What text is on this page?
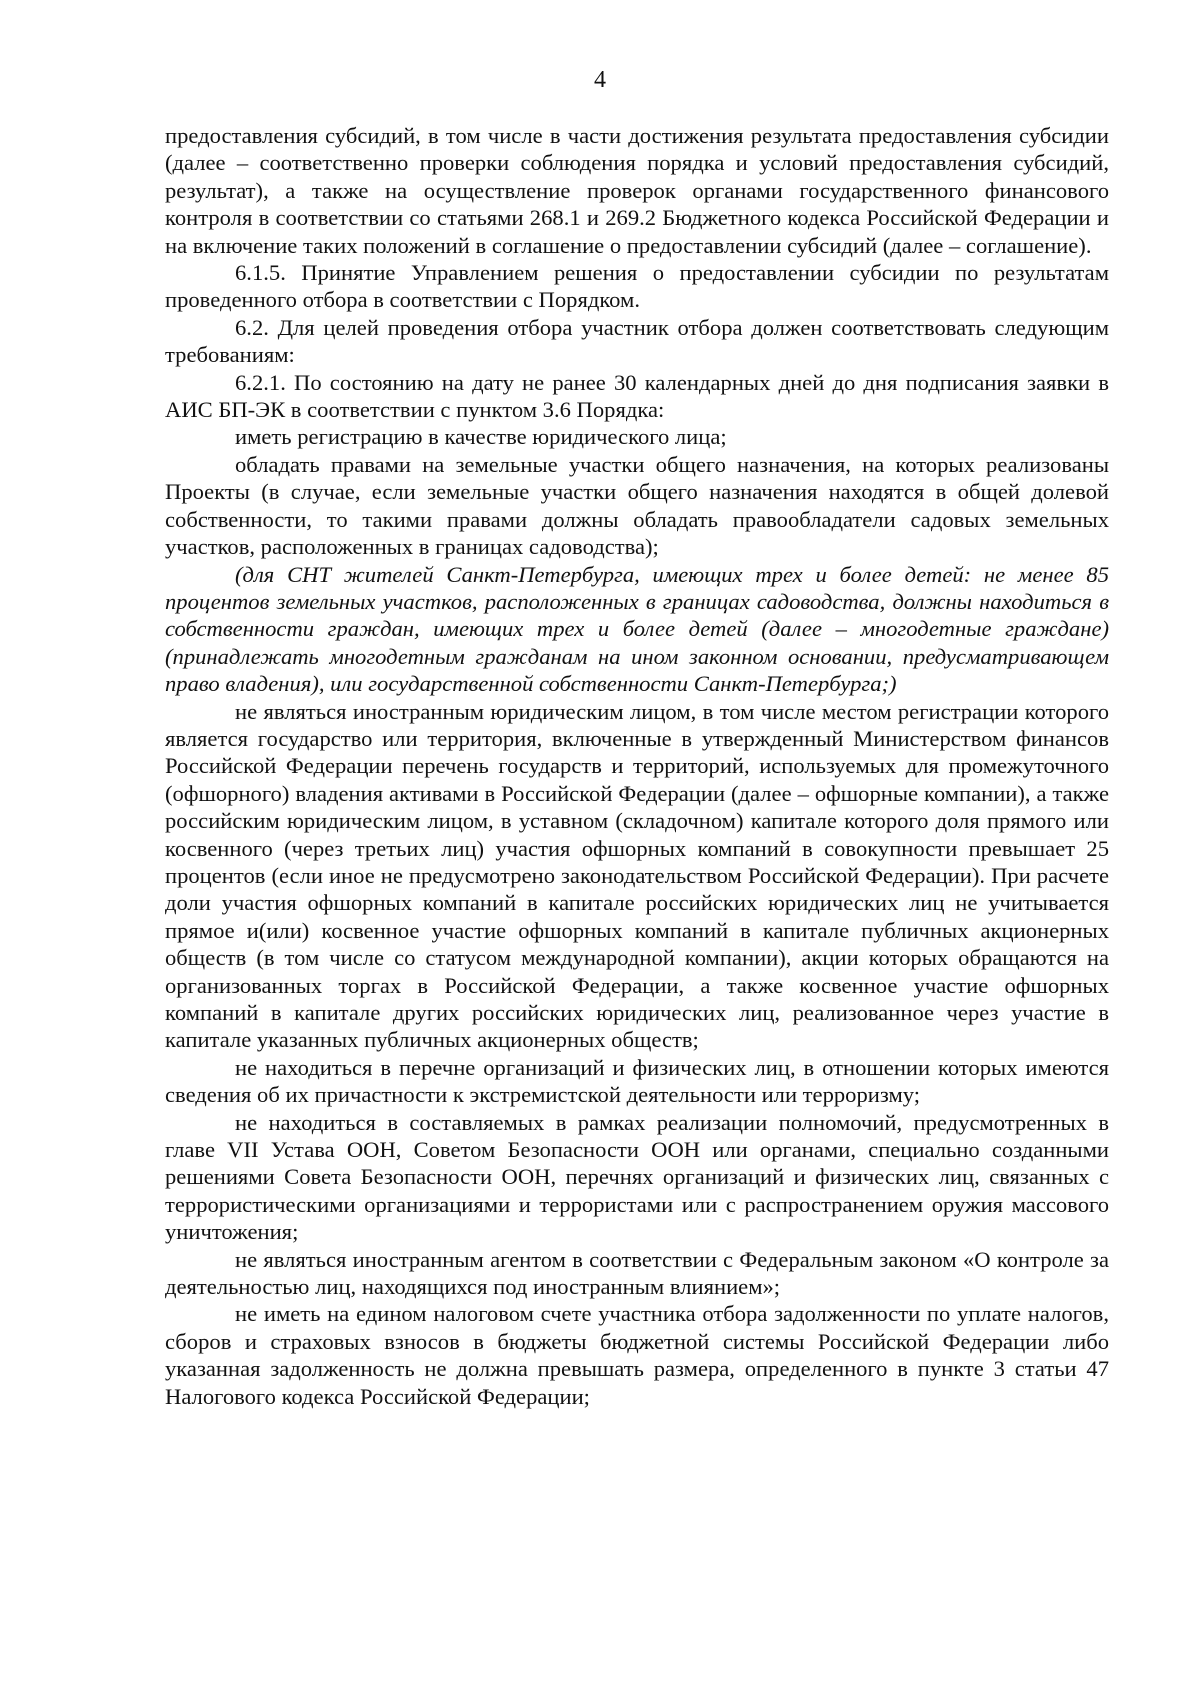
4

предоставления субсидий, в том числе в части достижения результата предоставления субсидии (далее – соответственно проверки соблюдения порядка и условий предоставления субсидий, результат), а также на осуществление проверок органами государственного финансового контроля в соответствии со статьями 268.1 и 269.2 Бюджетного кодекса Российской Федерации и на включение таких положений в соглашение о предоставлении субсидий (далее – соглашение).

6.1.5. Принятие Управлением решения о предоставлении субсидии по результатам проведенного отбора в соответствии с Порядком.

6.2. Для целей проведения отбора участник отбора должен соответствовать следующим требованиям:

6.2.1. По состоянию на дату не ранее 30 календарных дней до дня подписания заявки в АИС БП-ЭК в соответствии с пунктом 3.6 Порядка:

иметь регистрацию в качестве юридического лица;

обладать правами на земельные участки общего назначения, на которых реализованы Проекты (в случае, если земельные участки общего назначения находятся в общей долевой собственности, то такими правами должны обладать правообладатели садовых земельных участков, расположенных в границах садоводства);

(для СНТ жителей Санкт-Петербурга, имеющих трех и более детей: не менее 85 процентов земельных участков, расположенных в границах садоводства, должны находиться в собственности граждан, имеющих трех и более детей (далее – многодетные граждане) (принадлежать многодетным гражданам на ином законном основании, предусматривающем право владения), или государственной собственности Санкт-Петербурга;)

не являться иностранным юридическим лицом, в том числе местом регистрации которого является государство или территория, включенные в утвержденный Министерством финансов Российской Федерации перечень государств и территорий, используемых для промежуточного (офшорного) владения активами в Российской Федерации (далее – офшорные компании), а также российским юридическим лицом, в уставном (складочном) капитале которого доля прямого или косвенного (через третьих лиц) участия офшорных компаний в совокупности превышает 25 процентов (если иное не предусмотрено законодательством Российской Федерации). При расчете доли участия офшорных компаний в капитале российских юридических лиц не учитывается прямое и(или) косвенное участие офшорных компаний в капитале публичных акционерных обществ (в том числе со статусом международной компании), акции которых обращаются на организованных торгах в Российской Федерации, а также косвенное участие офшорных компаний в капитале других российских юридических лиц, реализованное через участие в капитале указанных публичных акционерных обществ;

не находиться в перечне организаций и физических лиц, в отношении которых имеются сведения об их причастности к экстремистской деятельности или терроризму;

не находиться в составляемых в рамках реализации полномочий, предусмотренных в главе VII Устава ООН, Советом Безопасности ООН или органами, специально созданными решениями Совета Безопасности ООН, перечнях организаций и физических лиц, связанных с террористическими организациями и террористами или с распространением оружия массового уничтожения;

не являться иностранным агентом в соответствии с Федеральным законом «О контроле за деятельностью лиц, находящихся под иностранным влиянием»;

не иметь на едином налоговом счете участника отбора задолженности по уплате налогов, сборов и страховых взносов в бюджеты бюджетной системы Российской Федерации либо указанная задолженность не должна превышать размера, определенного в пункте 3 статьи 47 Налогового кодекса Российской Федерации;
